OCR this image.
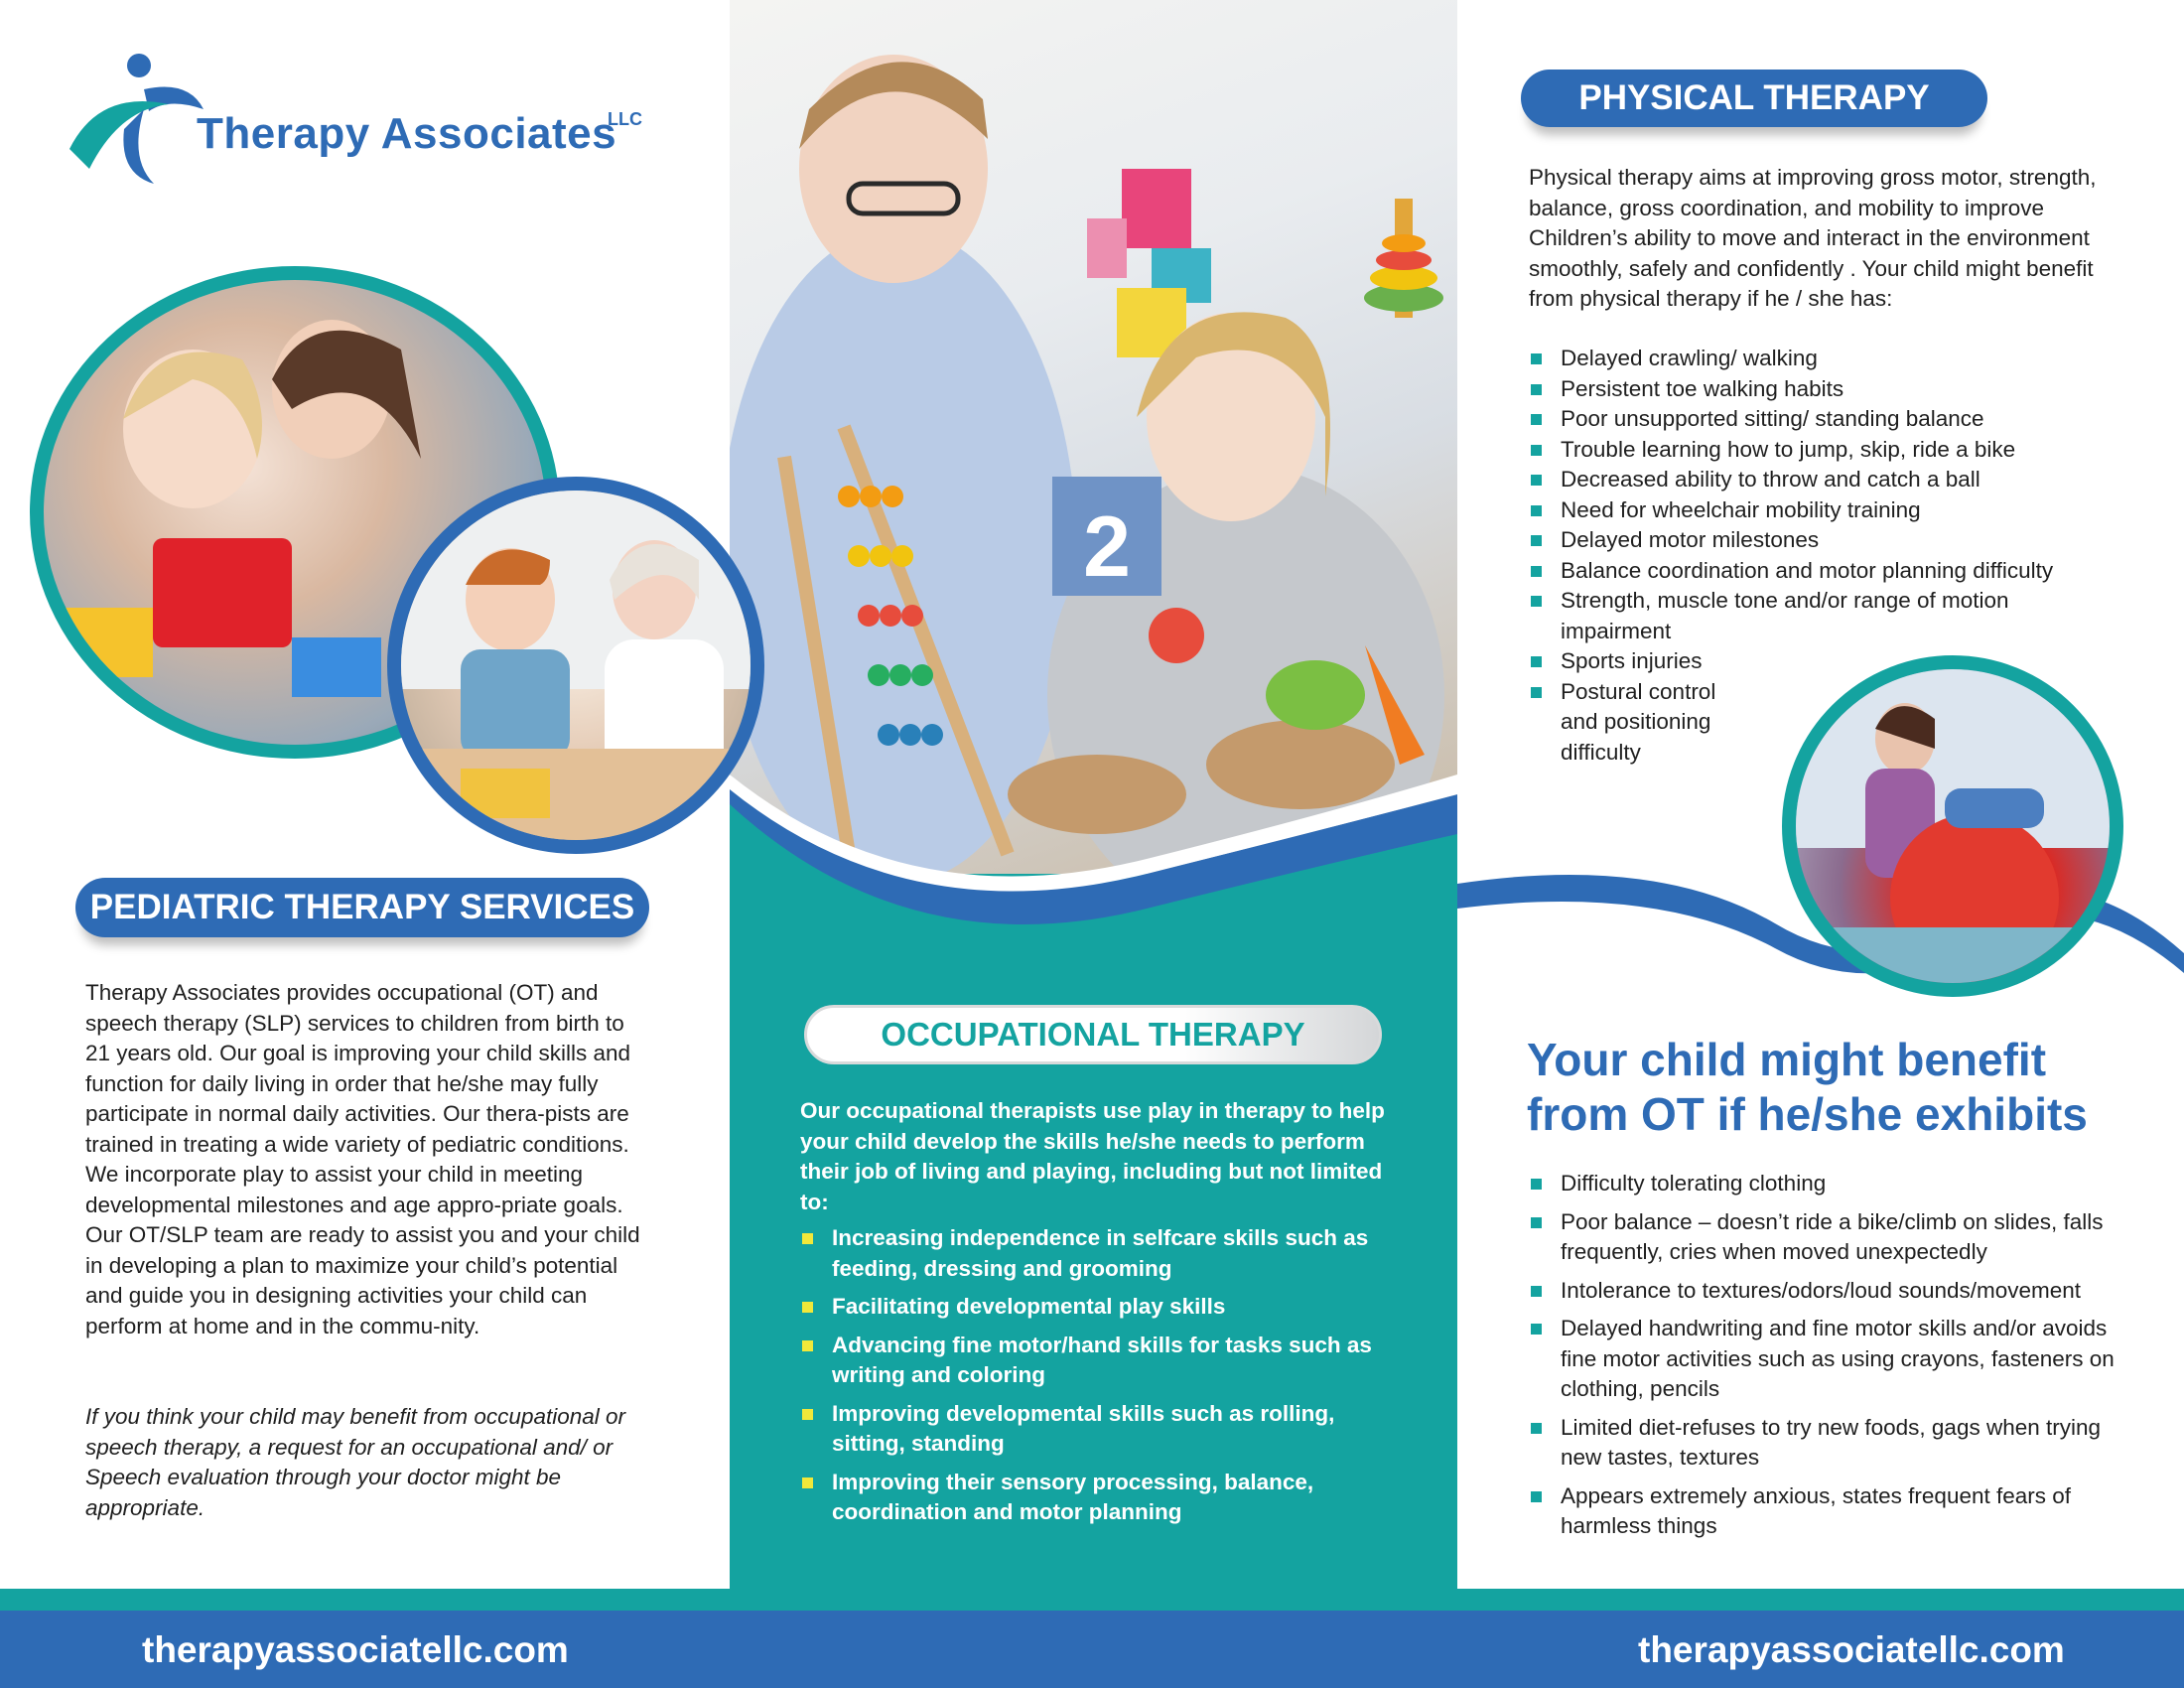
2
Therapy Associates
LLC
PEDIATRIC THERAPY SERVICES
Therapy Associates provides occupational (OT) and speech therapy (SLP) services to children from birth to 21 years old. Our goal is improving your child skills and function for daily living in order that he/she may fully participate in normal daily activities. Our thera-pists are trained in treating a wide variety of pediatric conditions. We incorporate play to assist your child in meeting developmental milestones and age appro-priate goals. Our OT/SLP team are ready to assist you and your child in developing a plan to maximize your child’s potential and guide you in designing activities your child can perform at home and in the commu-nity.
If you think your child may benefit from occupational or speech therapy, a request for an occupational and/ or Speech evaluation through your doctor might be appropriate.
PHYSICAL THERAPY
Physical therapy aims at improving gross motor, strength, balance, gross coordination, and mobility to improve Children’s ability to move and interact in the environment smoothly, safely and confidently . Your child might benefit from physical therapy if he / she has:
Delayed crawling/ walking
Persistent toe walking habits
Poor unsupported sitting/ standing balance
Trouble learning how to jump, skip, ride a bike
Decreased ability to throw and catch a ball
Need for wheelchair mobility training
Delayed motor milestones
Balance coordination and motor planning difficulty
Strength, muscle tone and/or range of motion impairment
Sports injuries
Postural control and positioning difficulty
OCCUPATIONAL THERAPY
Our occupational therapists use play in therapy to help your child develop the skills he/she needs to perform their job of living and playing, including but not limited to:
Increasing independence in selfcare skills such as feeding, dressing and grooming
Facilitating developmental play skills
Advancing fine motor/hand skills for tasks such as writing and coloring
Improving developmental skills such as rolling, sitting, standing
Improving their sensory processing, balance, coordination and motor planning
Your child might benefit from OT if he/she exhibits
Difficulty tolerating clothing
Poor balance – doesn’t ride a bike/climb on slides, falls frequently, cries when moved unexpectedly
Intolerance to textures/odors/loud sounds/movement
Delayed handwriting and fine motor skills and/or avoids fine motor activities such as using crayons, fasteners on clothing, pencils
Limited diet-refuses to try new foods, gags when trying new tastes, textures
Appears extremely anxious, states frequent fears of harmless things
therapyassociatellc.com	therapyassociatellc.com
